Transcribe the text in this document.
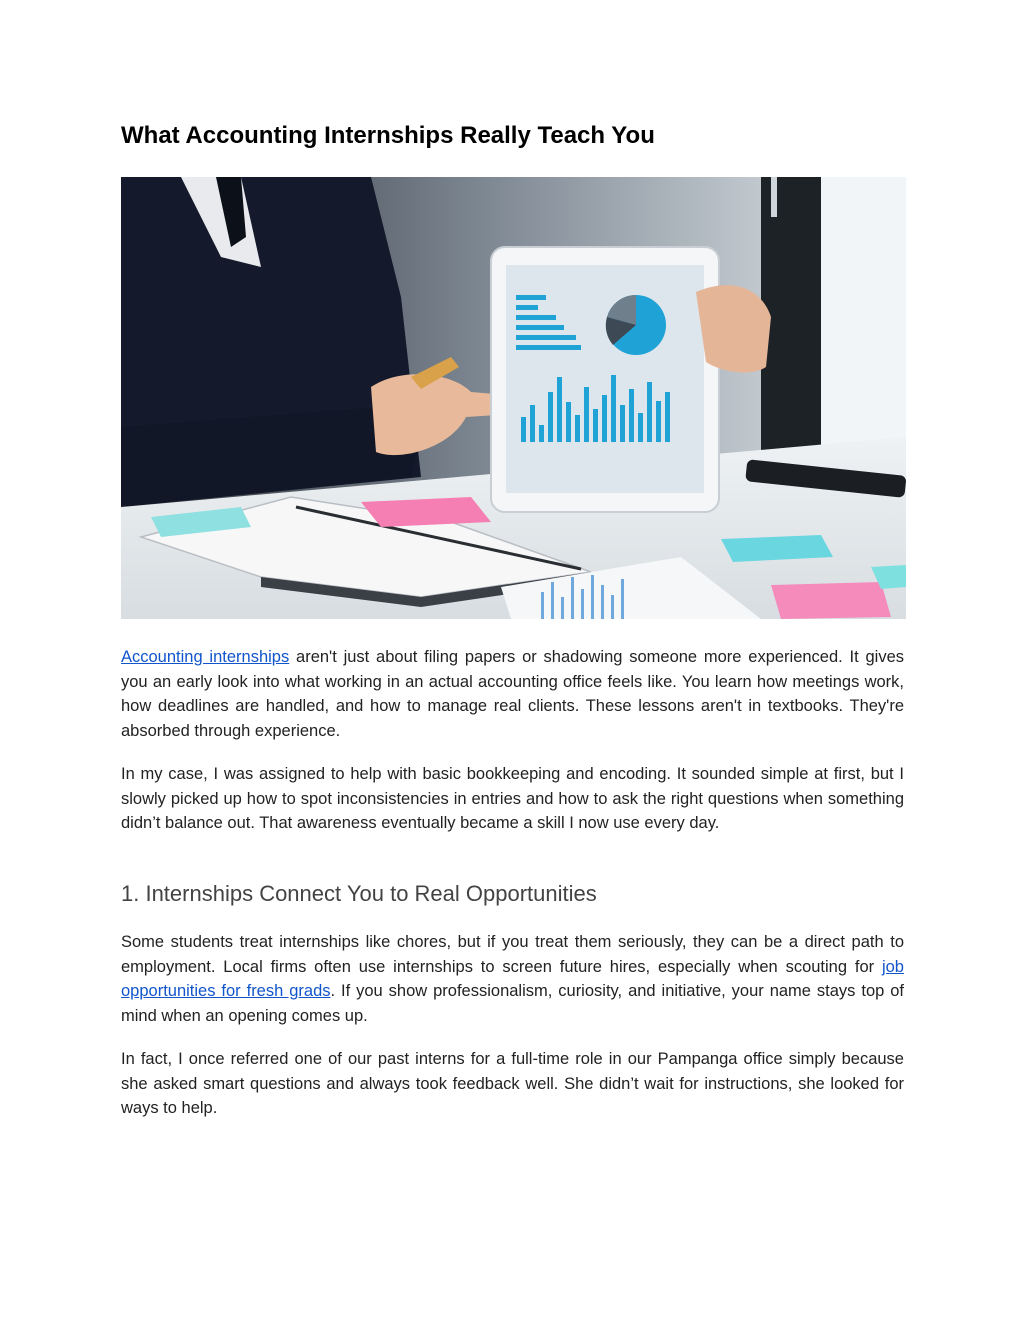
What Accounting Internships Really Teach You

Accounting internships aren't just about filing papers or shadowing someone more experienced. It gives you an early look into what working in an actual accounting office feels like. You learn how meetings work, how deadlines are handled, and how to manage real clients. These lessons aren't in textbooks. They're absorbed through experience.

In my case, I was assigned to help with basic bookkeeping and encoding. It sounded simple at first, but I slowly picked up how to spot inconsistencies in entries and how to ask the right questions when something didn’t balance out. That awareness eventually became a skill I now use every day.

1. Internships Connect You to Real Opportunities

Some students treat internships like chores, but if you treat them seriously, they can be a direct path to employment. Local firms often use internships to screen future hires, especially when scouting for job opportunities for fresh grads. If you show professionalism, curiosity, and initiative, your name stays top of mind when an opening comes up.

In fact, I once referred one of our past interns for a full-time role in our Pampanga office simply because she asked smart questions and always took feedback well. She didn’t wait for instructions, she looked for ways to help.
